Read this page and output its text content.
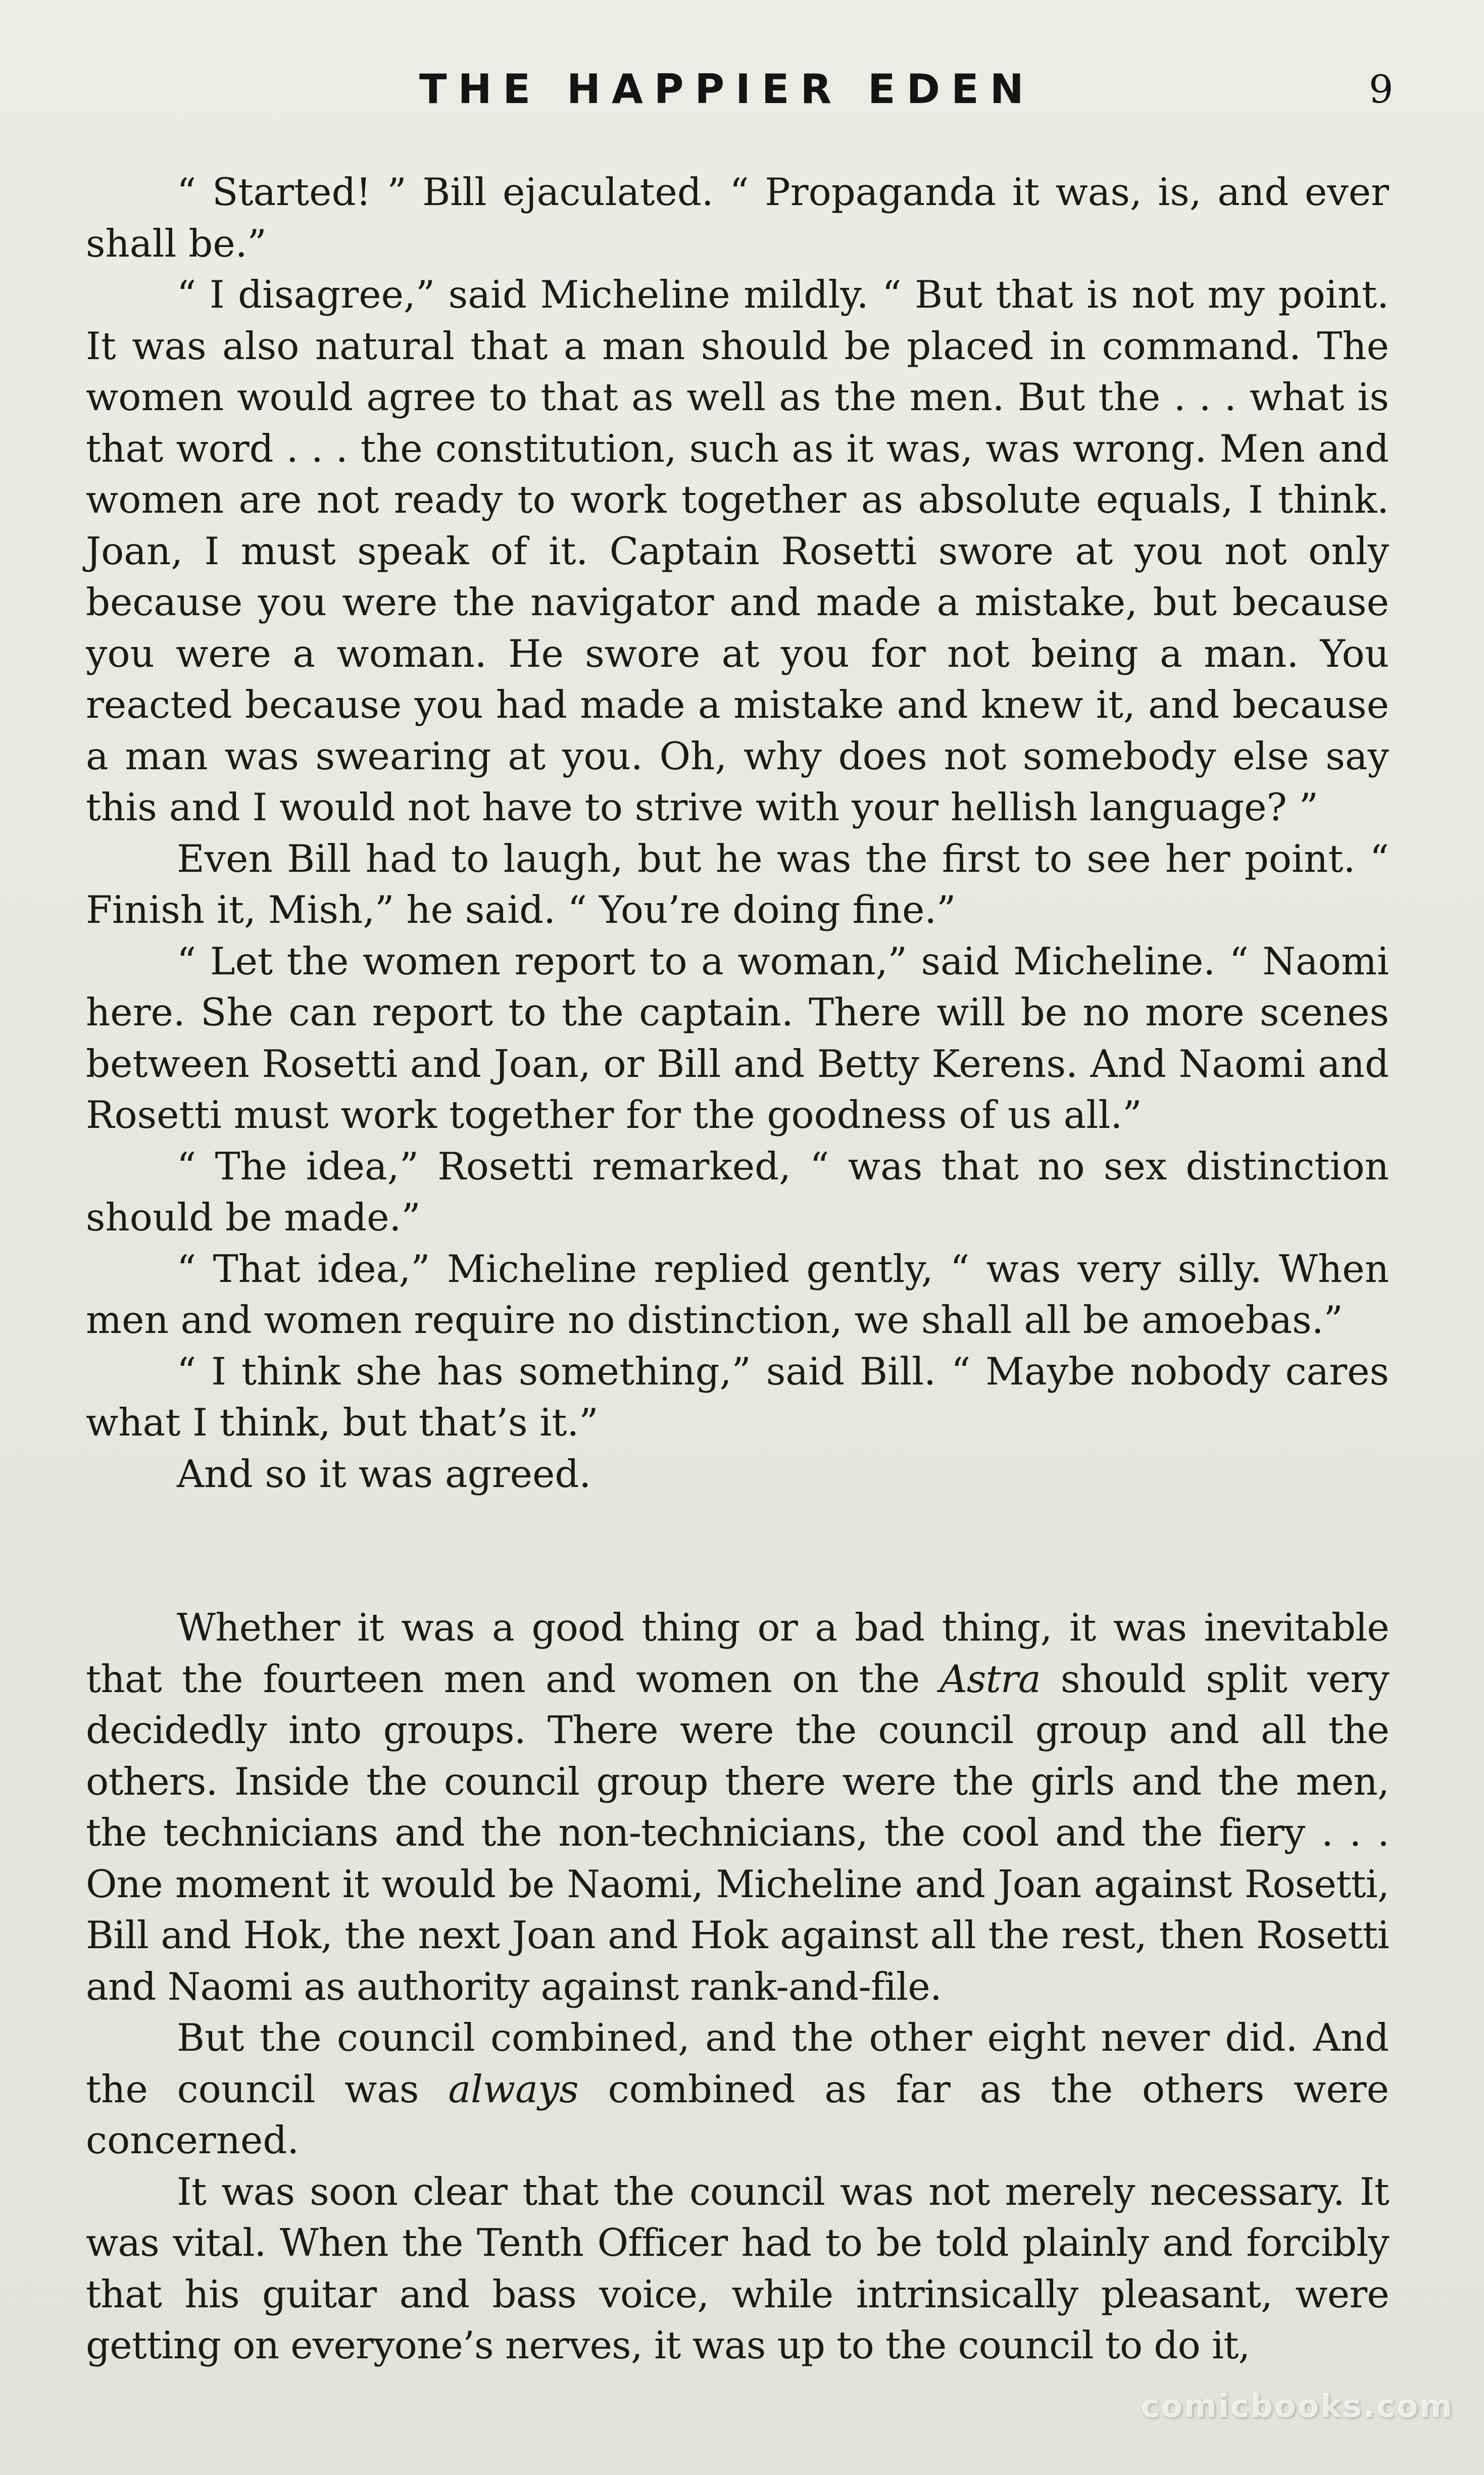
THE HAPPIER EDEN	9

“ Started! ” Bill ejaculated. “ Propaganda it was, is, and ever shall be.”

“ I disagree,” said Micheline mildly. “ But that is not my point. It was also natural that a man should be placed in command. The women would agree to that as well as the men. But the . . . what is that word . . . the constitution, such as it was, was wrong. Men and women are not ready to work together as absolute equals, I think. Joan, I must speak of it. Captain Rosetti swore at you not only because you were the navigator and made a mistake, but because you were a woman. He swore at you for not being a man. You reacted because you had made a mistake and knew it, and because a man was swearing at you. Oh, why does not somebody else say this and I would not have to strive with your hellish language? ”

Even Bill had to laugh, but he was the first to see her point. “ Finish it, Mish,” he said. “ You’re doing fine.”

“ Let the women report to a woman,” said Micheline. “ Naomi here. She can report to the captain. There will be no more scenes between Rosetti and Joan, or Bill and Betty Kerens. And Naomi and Rosetti must work together for the goodness of us all.”

“ The idea,” Rosetti remarked, “ was that no sex distinction should be made.”

“ That idea,” Micheline replied gently, “ was very silly. When men and women require no distinction, we shall all be amoebas.”

“ I think she has something,” said Bill. “ Maybe nobody cares what I think, but that’s it.”

And so it was agreed.

Whether it was a good thing or a bad thing, it was inevitable that the fourteen men and women on the Astra should split very decidedly into groups. There were the council group and all the others. Inside the council group there were the girls and the men, the technicians and the non-technicians, the cool and the fiery . . . One moment it would be Naomi, Micheline and Joan against Rosetti, Bill and Hok, the next Joan and Hok against all the rest, then Rosetti and Naomi as authority against rank-and-file.

But the council combined, and the other eight never did. And the council was always combined as far as the others were concerned.

It was soon clear that the council was not merely necessary. It was vital. When the Tenth Officer had to be told plainly and forcibly that his guitar and bass voice, while intrinsically pleasant, were getting on everyone’s nerves, it was up to the council to do it,

comicbooks.com
